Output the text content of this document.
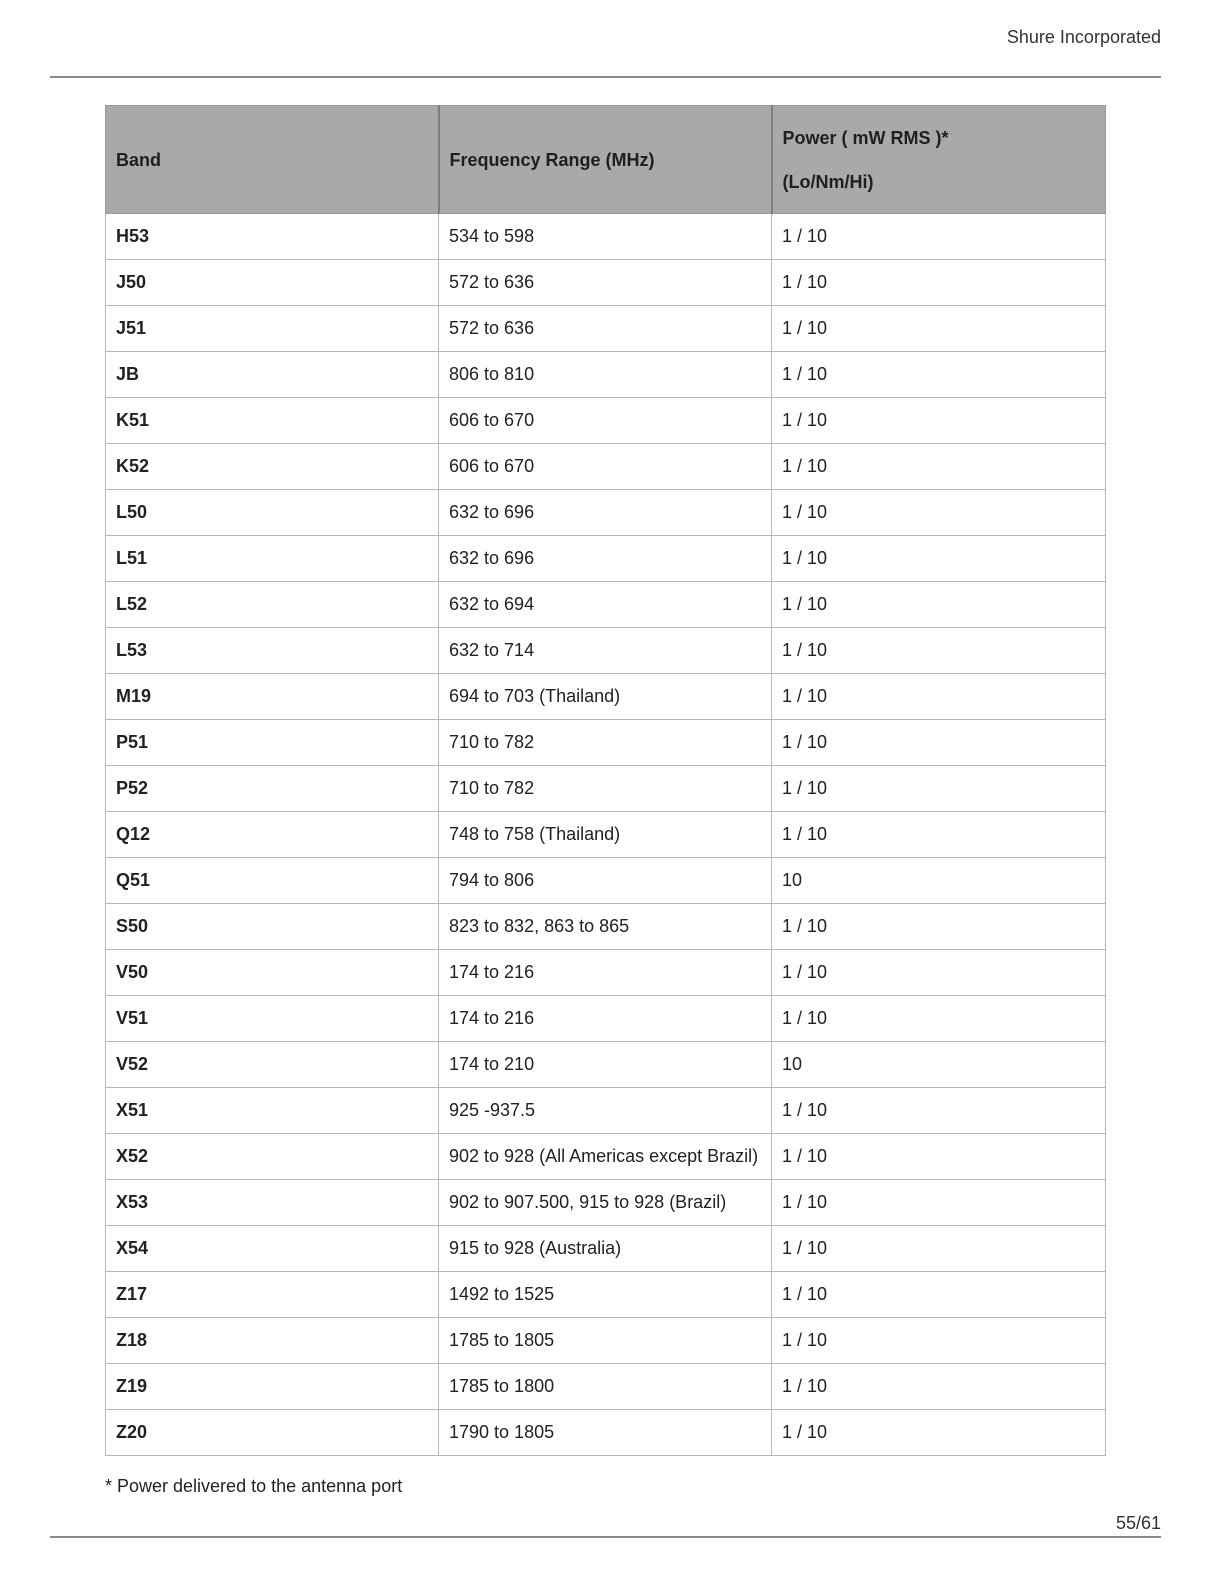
Shure Incorporated
Band	Frequency Range (MHz)	Power ( mW RMS )*
(Lo/Nm/Hi)

H53	534 to 598	1 / 10
J50	572 to 636	1 / 10
J51	572 to 636	1 / 10
JB	806 to 810	1 / 10
K51	606 to 670	1 / 10
K52	606 to 670	1 / 10
L50	632 to 696	1 / 10
L51	632 to 696	1 / 10
L52	632 to 694	1 / 10
L53	632 to 714	1 / 10
M19	694 to 703 (Thailand)	1 / 10
P51	710 to 782	1 / 10
P52	710 to 782	1 / 10
Q12	748 to 758 (Thailand)	1 / 10
Q51	794 to 806	10
S50	823 to 832, 863 to 865	1 / 10
V50	174 to 216	1 / 10
V51	174 to 216	1 / 10
V52	174 to 210	10
X51	925 -937.5	1 / 10
X52	902 to 928 (All Americas except Brazil)	1 / 10
X53	902 to 907.500, 915 to 928 (Brazil)	1 / 10
X54	915 to 928 (Australia)	1 / 10
Z17	1492 to 1525	1 / 10
Z18	1785 to 1805	1 / 10
Z19	1785 to 1800	1 / 10
Z20	1790 to 1805	1 / 10
* Power delivered to the antenna port
55/61
